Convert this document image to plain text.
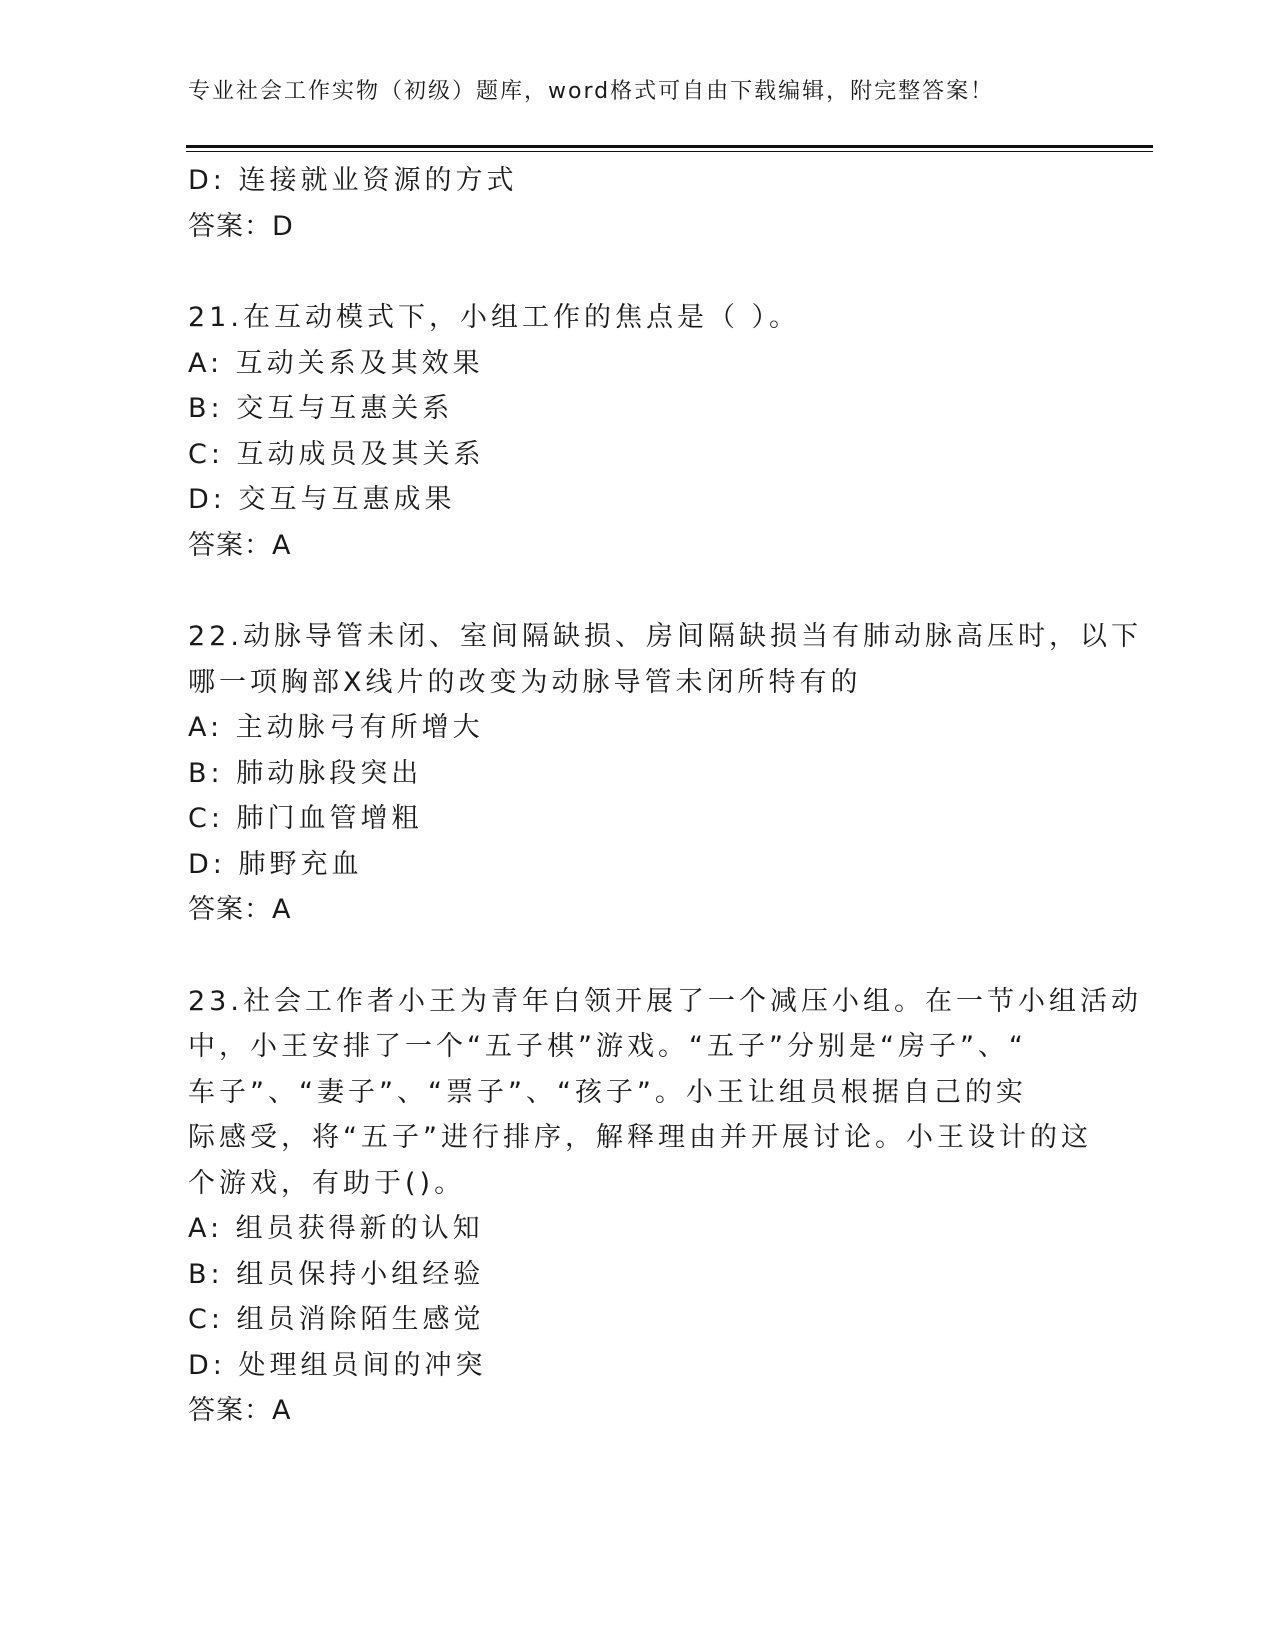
专业社会工作实物（初级）题库，word格式可自由下载编辑，附完整答案！
D: 连接就业资源的方式
答案：D
21.在互动模式下，小组工作的焦点是（ ）。
A: 互动关系及其效果
B: 交互与互惠关系
C: 互动成员及其关系
D: 交互与互惠成果
答案：A
22.动脉导管未闭、室间隔缺损、房间隔缺损当有肺动脉高压时，以下
哪一项胸部X线片的改变为动脉导管未闭所特有的
A: 主动脉弓有所增大
B: 肺动脉段突出
C: 肺门血管增粗
D: 肺野充血
答案：A
23.社会工作者小王为青年白领开展了一个减压小组。在一节小组活动
中，小王安排了一个“五子棋”游戏。“五子”分别是“房子”、“
车子”、“妻子”、“票子”、“孩子”。小王让组员根据自己的实
际感受，将“五子”进行排序，解释理由并开展讨论。小王设计的这
个游戏，有助于()。
A: 组员获得新的认知
B: 组员保持小组经验
C: 组员消除陌生感觉
D: 处理组员间的冲突
答案：A
